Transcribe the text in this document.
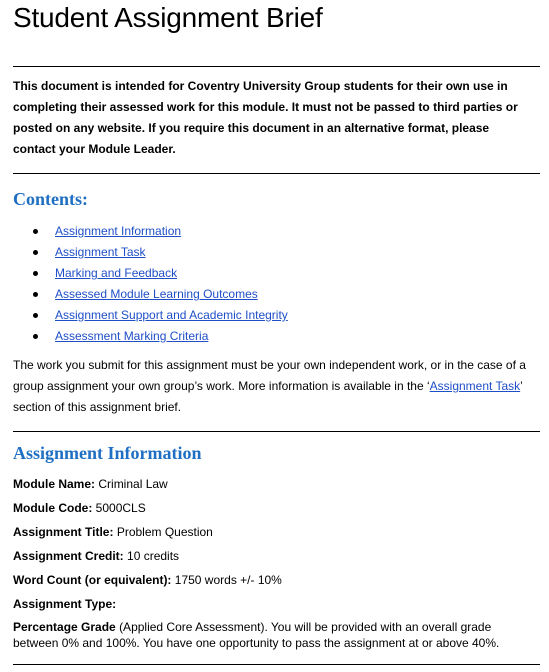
Student Assignment Brief

This document is intended for Coventry University Group students for their own use in completing their assessed work for this module. It must not be passed to third parties or posted on any website. If you require this document in an alternative format, please contact your Module Leader.

Contents:
Assignment Information
Assignment Task
Marking and Feedback
Assessed Module Learning Outcomes
Assignment Support and Academic Integrity
Assessment Marking Criteria

The work you submit for this assignment must be your own independent work, or in the case of a group assignment your own group’s work. More information is available in the ‘Assignment Task’ section of this assignment brief.

Assignment Information
Module Name: Criminal Law
Module Code: 5000CLS
Assignment Title: Problem Question
Assignment Credit: 10 credits
Word Count (or equivalent): 1750 words +/- 10%
Assignment Type:

Percentage Grade (Applied Core Assessment). You will be provided with an overall grade between 0% and 100%. You have one opportunity to pass the assignment at or above 40%.
